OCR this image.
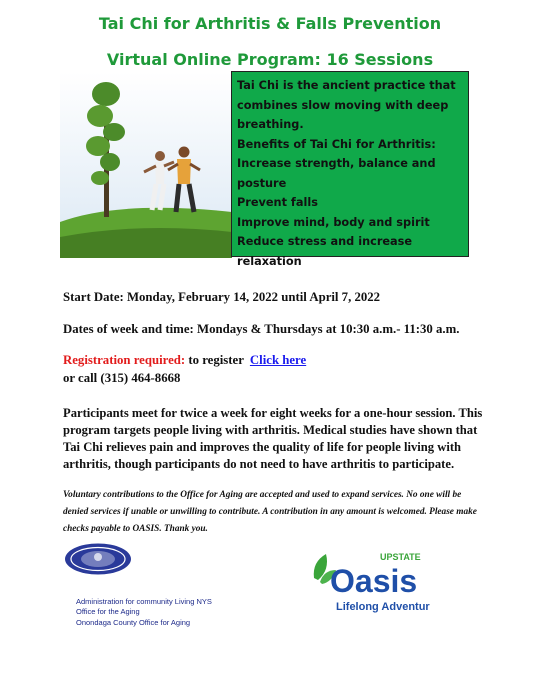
Tai Chi for Arthritis & Falls Prevention
Virtual Online Program: 16 Sessions
Tai Chi is the ancient practice that
combines slow moving with deep
breathing.
Benefits of Tai Chi for Arthritis:
Increase strength, balance and
posture
Prevent falls
Improve mind, body and spirit
Reduce stress and increase relaxation
Start Date: Monday, February 14, 2022 until April 7, 2022
Dates of week and time: Mondays & Thursdays at 10:30 a.m.- 11:30 a.m.
Registration required: to register Click here
or call (315) 464-8668
Participants meet for twice a week for eight weeks for a one-hour session. This program targets people living with arthritis. Medical studies have shown that Tai Chi relieves pain and improves the quality of life for people living with arthritis, though participants do not need to have arthritis to participate.
Voluntary contributions to the Office for Aging are accepted and used to expand services. No one will be denied services if unable or unwilling to contribute. A contribution in any amount is welcomed. Please make checks payable to OASIS. Thank you.
Administration for community Living NYS
Office for the Aging
Onondaga County Office for Aging
UPSTATE
Oasis
Lifelong Adventure
